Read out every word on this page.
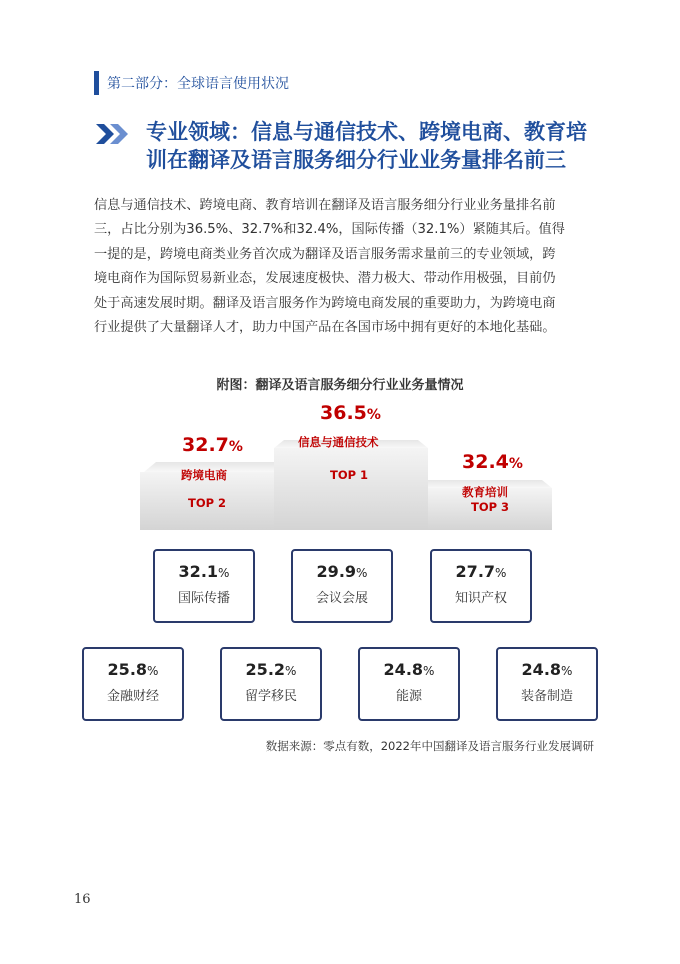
第二部分：全球语言使用状况
专业领域：信息与通信技术、跨境电商、教育培
训在翻译及语言服务细分行业业务量排名前三
信息与通信技术、跨境电商、教育培训在翻译及语言服务细分行业业务量排名前
三，占比分别为36.5%、32.7%和32.4%，国际传播（32.1%）紧随其后。值得
一提的是，跨境电商类业务首次成为翻译及语言服务需求量前三的专业领域，跨
境电商作为国际贸易新业态，发展速度极快、潜力极大、带动作用极强，目前仍
处于高速发展时期。翻译及语言服务作为跨境电商发展的重要助力，为跨境电商
行业提供了大量翻译人才，助力中国产品在各国市场中拥有更好的本地化基础。
附图：翻译及语言服务细分行业业务量情况
36.5%
信息与通信技术
TOP 1
32.7%
跨境电商
TOP 2
32.4%
教育培训
TOP 3
32.1%
国际传播
29.9%
会议会展
27.7%
知识产权
25.8%
金融财经
25.2%
留学移民
24.8%
能源
24.8%
装备制造
数据来源：零点有数，2022年中国翻译及语言服务行业发展调研
16
